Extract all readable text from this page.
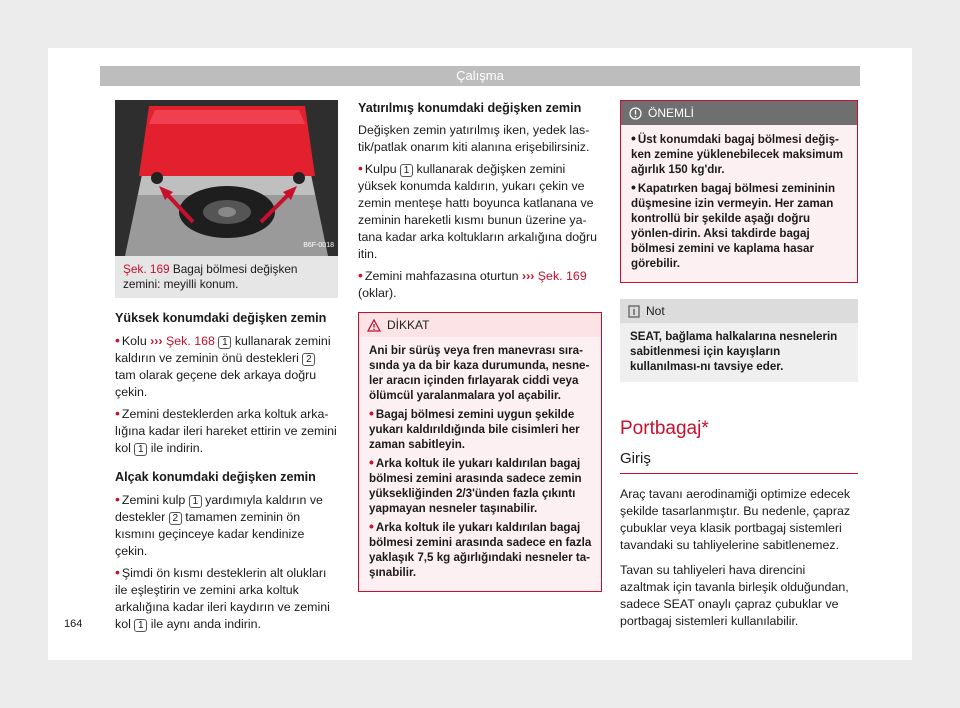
Çalışma
B6F-0018
Şek. 169 Bagaj bölmesi değişken zemini: meyilli konum.
Yüksek konumdaki değişken zemin

• Kolu ››› Şek. 168 1 kullanarak zemini kaldırın ve zeminin önü destekleri 2 tam olarak geçene dek arkaya doğru çekin.

• Zemini desteklerden arka koltuk arka-lığına kadar ileri hareket ettirin ve zemini kol 1 ile indirin.

Alçak konumdaki değişken zemin

• Zemini kulp 1 yardımıyla kaldırın ve destekler 2 tamamen zeminin ön kısmını geçinceye kadar kendinize çekin.

• Şimdi ön kısmı desteklerin alt olukları ile eşleştirin ve zemini arka koltuk arkalığına kadar ileri kaydırın ve zemini kol 1 ile aynı anda indirin.

Yatırılmış konumdaki değişken zemin

Değişken zemin yatırılmış iken, yedek las-tik/patlak onarım kiti alanına erişebilirsiniz.

• Kulpu 1 kullanarak değişken zemini yüksek konumda kaldırın, yukarı çekin ve zemin menteşe hattı boyunca katlanana ve zeminin hareketli kısmı bunun üzerine ya-tana kadar arka koltukların arkalığına doğru itin.

• Zemini mahfazasına oturtun ››› Şek. 169 (oklar).

DİKKAT

Ani bir sürüş veya fren manevrası sıra-sında ya da bir kaza durumunda, nesne-ler aracın içinden fırlayarak ciddi veya ölümcül yaralanmalara yol açabilir.

• Bagaj bölmesi zemini uygun şekilde yukarı kaldırıldığında bile cisimleri her zaman sabitleyin.

• Arka koltuk ile yukarı kaldırılan bagaj bölmesi zemini arasında sadece zemin yüksekliğinden 2/3'ünden fazla çıkıntı yapmayan nesneler taşınabilir.

• Arka koltuk ile yukarı kaldırılan bagaj bölmesi zemini arasında sadece en fazla yaklaşık 7,5 kg ağırlığındaki nesneler ta-şınabilir.

ÖNEMLİ

• Üst konumdaki bagaj bölmesi değiş-ken zemine yüklenebilecek maksimum ağırlık 150 kg'dır.

• Kapatırken bagaj bölmesi zemininin düşmesine izin vermeyin. Her zaman kontrollü bir şekilde aşağı doğru yönlen-dirin. Aksi takdirde bagaj bölmesi zemini ve kaplama hasar görebilir.

Not
SEAT, bağlama halkalarına nesnelerin sabitlenmesi için kayışların kullanılması-nı tavsiye eder.
Portbagaj*
Giriş

Araç tavanı aerodinamiği optimize edecek şekilde tasarlanmıştır. Bu nedenle, çapraz çubuklar veya klasik portbagaj sistemleri tavandaki su tahliyelerine sabitlenemez.

Tavan su tahliyeleri hava direncini azaltmak için tavanla birleşik olduğundan, sadece SEAT onaylı çapraz çubuklar ve portbagaj sistemleri kullanılabilir.

164
